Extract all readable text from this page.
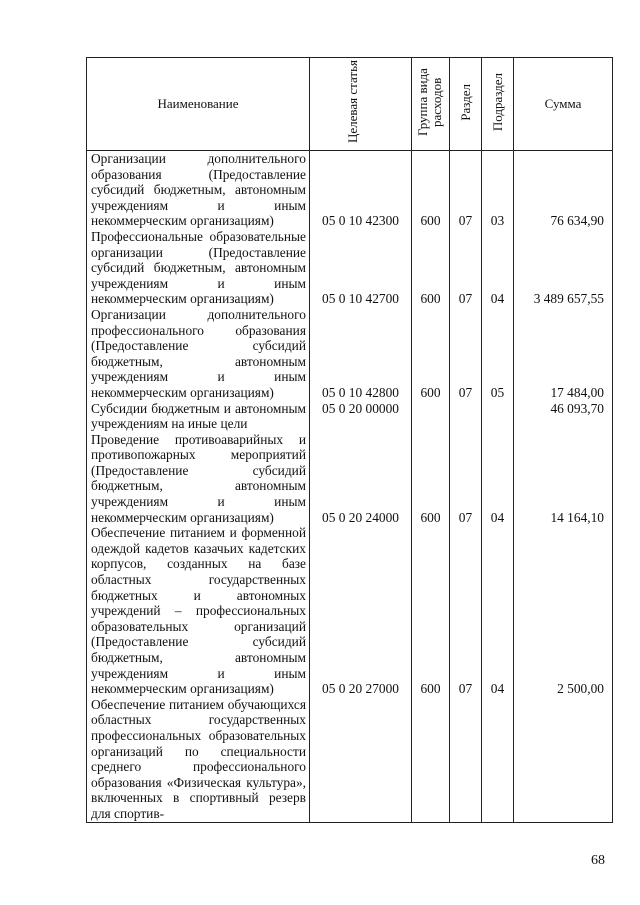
Наименование	Целевая статья	Группа вида расходов	Раздел	Подраздел	Сумма
Организации дополнительного образования (Предоставление субсидий бюджетным, автономным учреждениям и иным некоммерческим организациям)	05 0 10 42300	600	07	03	76 634,90
Профессиональные образовательные организации (Предоставление субсидий бюджетным, автономным учреждениям и иным некоммерческим организациям)	05 0 10 42700	600	07	04	3 489 657,55
Организации дополнительного профессионального образования (Предоставление субсидий бюджетным, автономным учреждениям и иным некоммерческим организациям)	05 0 10 42800	600	07	05	17 484,00
Субсидии бюджетным и автономным учреждениям на иные цели	05 0 20 00000				46 093,70
Проведение противоаварийных и противопожарных мероприятий (Предоставление субсидий бюджетным, автономным учреждениям и иным некоммерческим организациям)	05 0 20 24000	600	07	04	14 164,10
Обеспечение питанием и форменной одеждой кадетов казачьих кадетских корпусов, созданных на базе областных государственных бюджетных и автономных учреждений – профессиональных образовательных организаций (Предоставление субсидий бюджетным, автономным учреждениям и иным некоммерческим организациям)	05 0 20 27000	600	07	04	2 500,00
Обеспечение питанием обучающихся областных государственных профессиональных образовательных организаций по специальности среднего профессионального образования «Физическая культура», включенных в спортивный резерв для спортив-					
68
